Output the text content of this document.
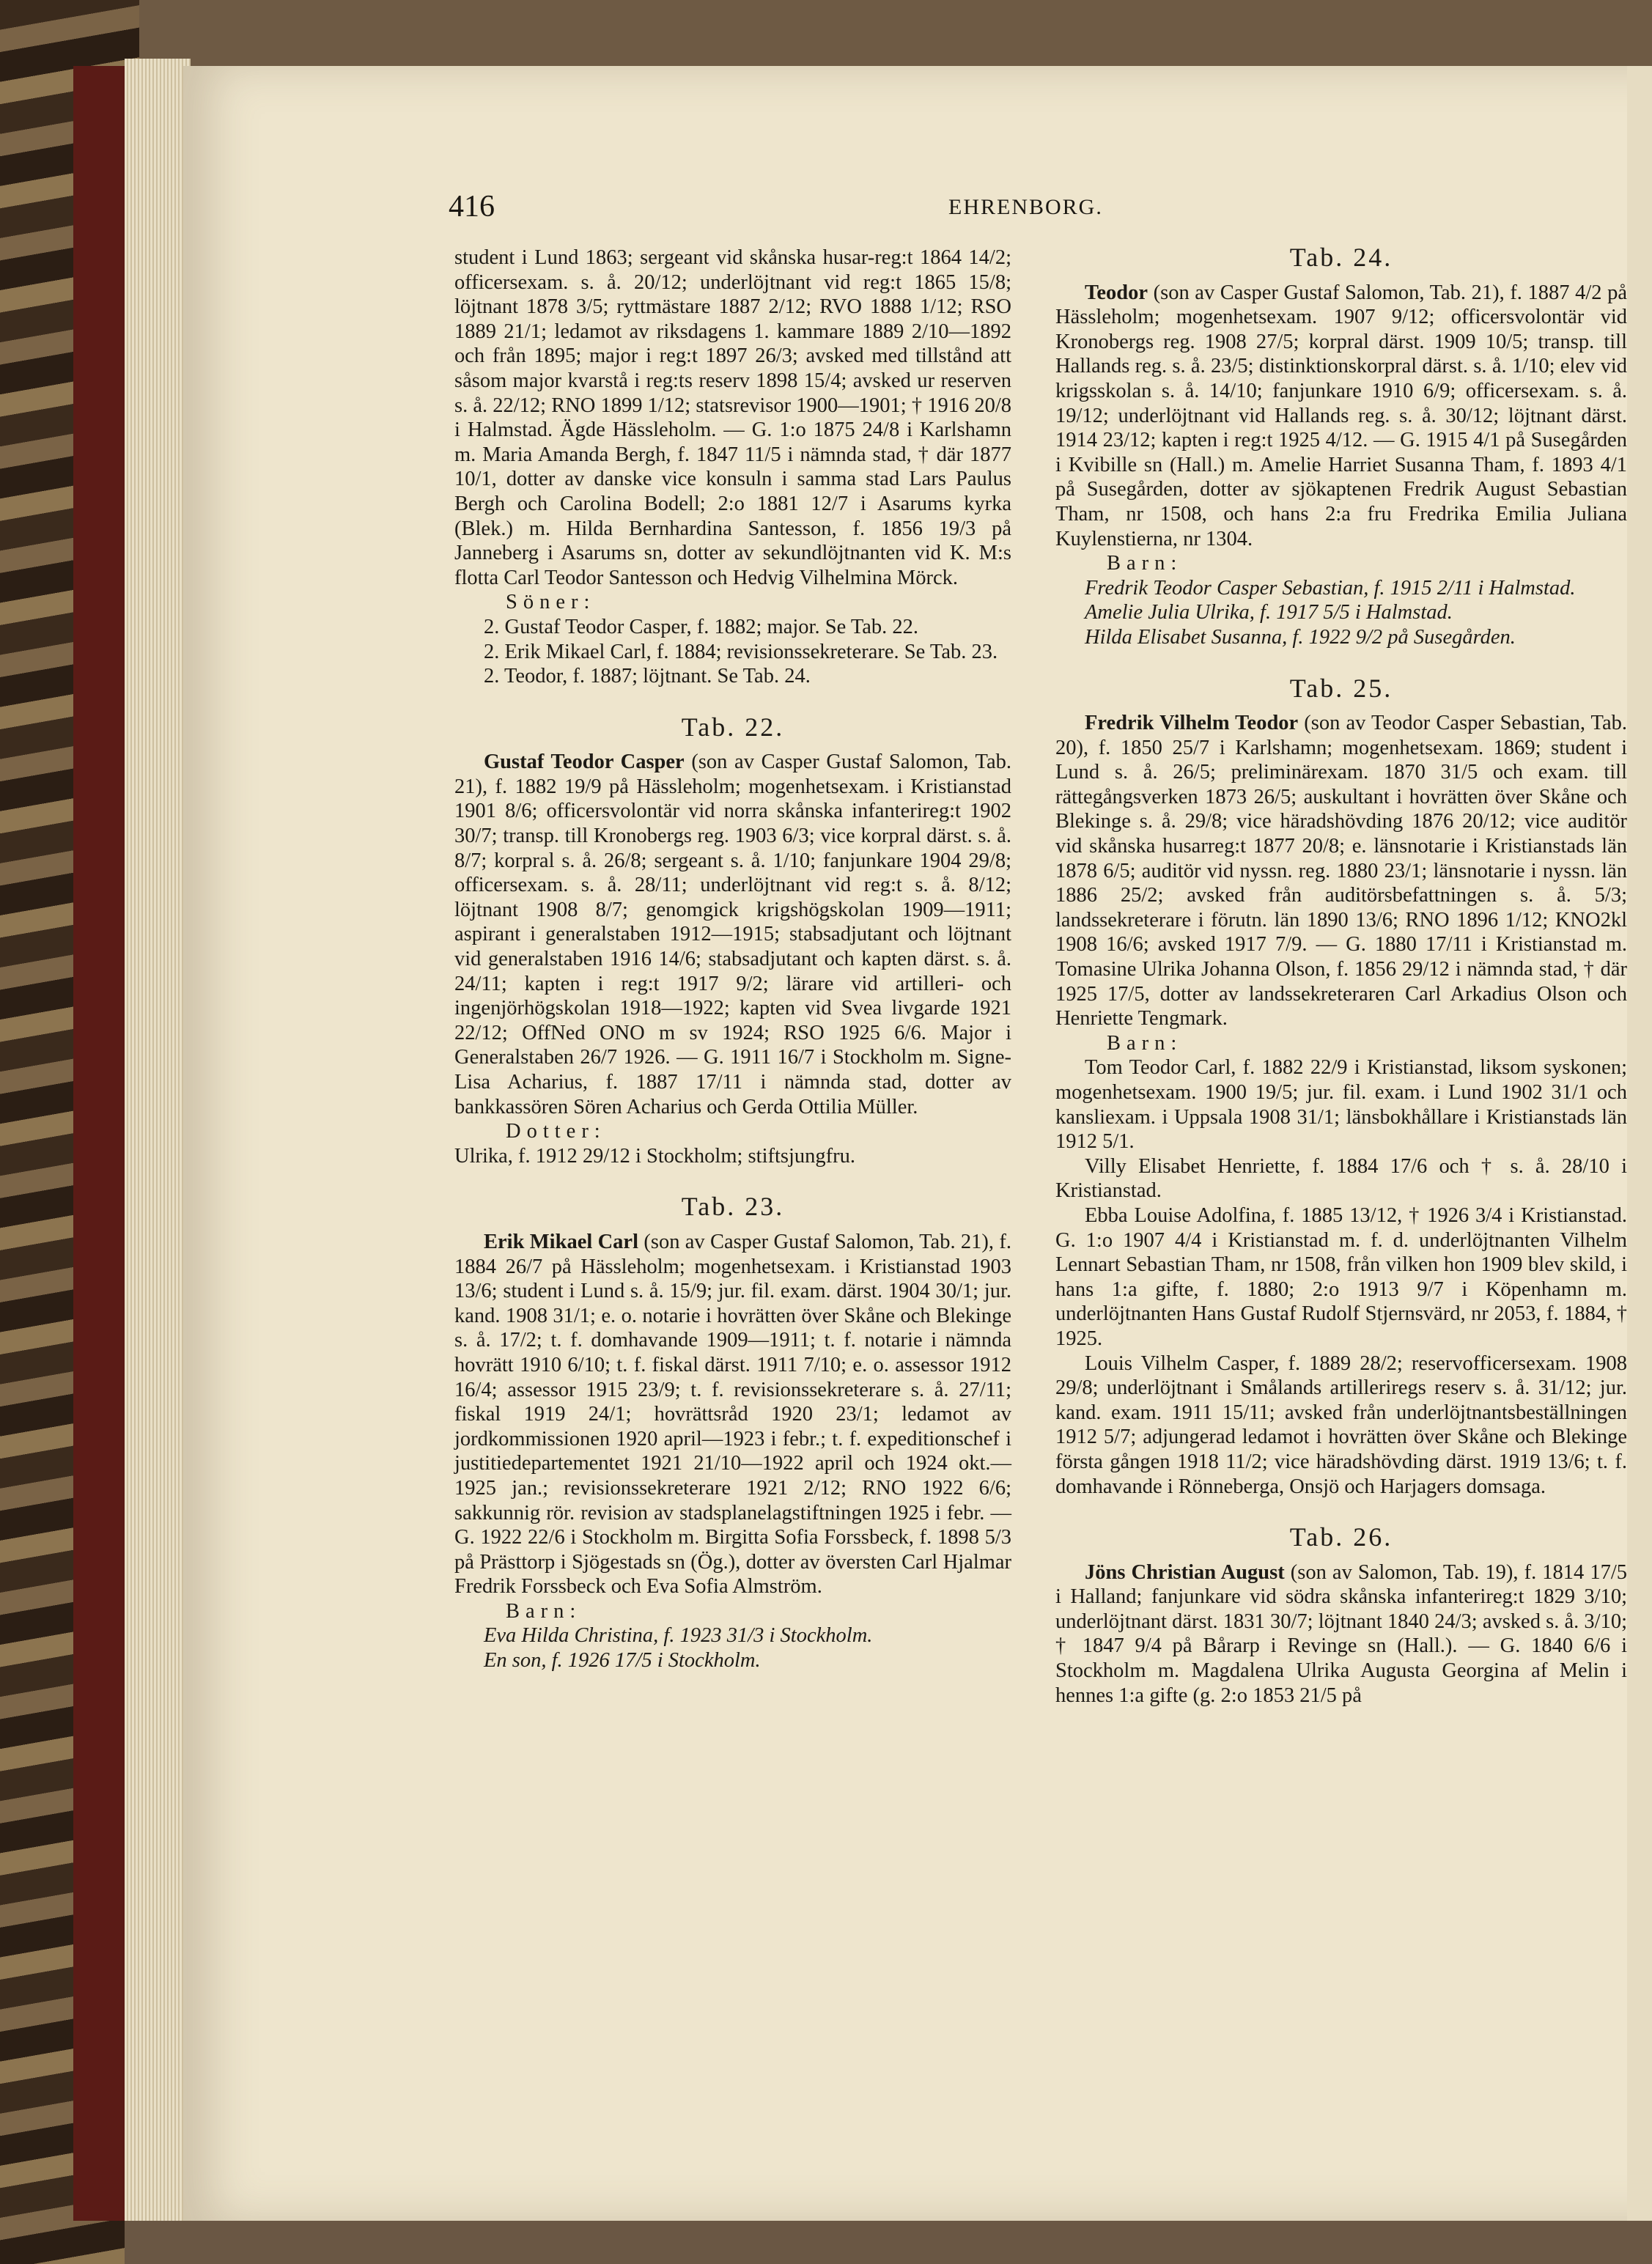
416	EHRENBORG.

student i Lund 1863; sergeant vid skånska husar-reg:t 1864 14/2; officersexam. s. å. 20/12; underlöjtnant vid reg:t 1865 15/8; löjtnant 1878 3/5; ryttmästare 1887 2/12; RVO 1888 1/12; RSO 1889 21/1; ledamot av riksdagens 1. kammare 1889 2/10—1892 och från 1895; major i reg:t 1897 26/3; avsked med tillstånd att såsom major kvarstå i reg:ts reserv 1898 15/4; avsked ur reserven s. å. 22/12; RNO 1899 1/12; statsrevisor 1900—1901; † 1916 20/8 i Halmstad. Ägde Hässleholm. — G. 1:o 1875 24/8 i Karlshamn m. Maria Amanda Bergh, f. 1847 11/5 i nämnda stad, † där 1877 10/1, dotter av danske vice konsuln i samma stad Lars Paulus Bergh och Carolina Bodell; 2:o 1881 12/7 i Asarums kyrka (Blek.) m. Hilda Bernhardina Santesson, f. 1856 19/3 på Janneberg i Asarums sn, dotter av sekundlöjtnanten vid K. M:s flotta Carl Teodor Santesson och Hedvig Vilhelmina Mörck.

Söner:

2. Gustaf Teodor Casper, f. 1882; major. Se Tab. 22.

2. Erik Mikael Carl, f. 1884; revisionssekreterare. Se Tab. 23.

2. Teodor, f. 1887; löjtnant. Se Tab. 24.

Tab. 22.

Gustaf Teodor Casper (son av Casper Gustaf Salomon, Tab. 21), f. 1882 19/9 på Hässleholm; mogenhetsexam. i Kristianstad 1901 8/6; officersvolontär vid norra skånska infanterireg:t 1902 30/7; transp. till Kronobergs reg. 1903 6/3; vice korpral därst. s. å. 8/7; korpral s. å. 26/8; sergeant s. å. 1/10; fanjunkare 1904 29/8; officersexam. s. å. 28/11; underlöjtnant vid reg:t s. å. 8/12; löjtnant 1908 8/7; genomgick krigshögskolan 1909—1911; aspirant i generalstaben 1912—1915; stabsadjutant och löjtnant vid generalstaben 1916 14/6; stabsadjutant och kapten därst. s. å. 24/11; kapten i reg:t 1917 9/2; lärare vid artilleri- och ingenjörhögskolan 1918—1922; kapten vid Svea livgarde 1921 22/12; OffNed ONO m sv 1924; RSO 1925 6/6. Major i Generalstaben 26/7 1926. — G. 1911 16/7 i Stockholm m. Signe-Lisa Acharius, f. 1887 17/11 i nämnda stad, dotter av bankkassören Sören Acharius och Gerda Ottilia Müller.

Dotter:

Ulrika, f. 1912 29/12 i Stockholm; stiftsjungfru.

Tab. 23.

Erik Mikael Carl (son av Casper Gustaf Salomon, Tab. 21), f. 1884 26/7 på Hässleholm; mogenhetsexam. i Kristianstad 1903 13/6; student i Lund s. å. 15/9; jur. fil. exam. därst. 1904 30/1; jur. kand. 1908 31/1; e. o. notarie i hovrätten över Skåne och Blekinge s. å. 17/2; t. f. domhavande 1909—1911; t. f. notarie i nämnda hovrätt 1910 6/10; t. f. fiskal därst. 1911 7/10; e. o. assessor 1912 16/4; assessor 1915 23/9; t. f. revisionssekreterare s. å. 27/11; fiskal 1919 24/1; hovrättsråd 1920 23/1; ledamot av jordkommissionen 1920 april—1923 i febr.; t. f. expeditionschef i justitiedepartementet 1921 21/10—1922 april och 1924 okt.—1925 jan.; revisionssekreterare 1921 2/12; RNO 1922 6/6; sakkunnig rör. revision av stadsplanelagstiftningen 1925 i febr. — G. 1922 22/6 i Stockholm m. Birgitta Sofia Forssbeck, f. 1898 5/3 på Prästtorp i Sjögestads sn (Ög.), dotter av översten Carl Hjalmar Fredrik Forssbeck och Eva Sofia Almström.

Barn:

Eva Hilda Christina, f. 1923 31/3 i Stockholm.

En son, f. 1926 17/5 i Stockholm.

Tab. 24.

Teodor (son av Casper Gustaf Salomon, Tab. 21), f. 1887 4/2 på Hässleholm; mogenhetsexam. 1907 9/12; officersvolontär vid Kronobergs reg. 1908 27/5; korpral därst. 1909 10/5; transp. till Hallands reg. s. å. 23/5; distinktionskorpral därst. s. å. 1/10; elev vid krigsskolan s. å. 14/10; fanjunkare 1910 6/9; officersexam. s. å. 19/12; underlöjtnant vid Hallands reg. s. å. 30/12; löjtnant därst. 1914 23/12; kapten i reg:t 1925 4/12. — G. 1915 4/1 på Susegården i Kvibille sn (Hall.) m. Amelie Harriet Susanna Tham, f. 1893 4/1 på Susegården, dotter av sjökaptenen Fredrik August Sebastian Tham, nr 1508, och hans 2:a fru Fredrika Emilia Juliana Kuylenstierna, nr 1304.

Barn:

Fredrik Teodor Casper Sebastian, f. 1915 2/11 i Halmstad.

Amelie Julia Ulrika, f. 1917 5/5 i Halmstad.

Hilda Elisabet Susanna, f. 1922 9/2 på Susegården.

Tab. 25.

Fredrik Vilhelm Teodor (son av Teodor Casper Sebastian, Tab. 20), f. 1850 25/7 i Karlshamn; mogenhetsexam. 1869; student i Lund s. å. 26/5; preliminärexam. 1870 31/5 och exam. till rättegångsverken 1873 26/5; auskultant i hovrätten över Skåne och Blekinge s. å. 29/8; vice häradshövding 1876 20/12; vice auditör vid skånska husarreg:t 1877 20/8; e. länsnotarie i Kristianstads län 1878 6/5; auditör vid nyssn. reg. 1880 23/1; länsnotarie i nyssn. län 1886 25/2; avsked från auditörsbefattningen s. å. 5/3; landssekreterare i förutn. län 1890 13/6; RNO 1896 1/12; KNO2kl 1908 16/6; avsked 1917 7/9. — G. 1880 17/11 i Kristianstad m. Tomasine Ulrika Johanna Olson, f. 1856 29/12 i nämnda stad, † där 1925 17/5, dotter av landssekreteraren Carl Arkadius Olson och Henriette Tengmark.

Barn:

Tom Teodor Carl, f. 1882 22/9 i Kristianstad, liksom syskonen; mogenhetsexam. 1900 19/5; jur. fil. exam. i Lund 1902 31/1 och kansliexam. i Uppsala 1908 31/1; länsbokhållare i Kristianstads län 1912 5/1.

Villy Elisabet Henriette, f. 1884 17/6 och † s. å. 28/10 i Kristianstad.

Ebba Louise Adolfina, f. 1885 13/12, † 1926 3/4 i Kristianstad. G. 1:o 1907 4/4 i Kristianstad m. f. d. underlöjtnanten Vilhelm Lennart Sebastian Tham, nr 1508, från vilken hon 1909 blev skild, i hans 1:a gifte, f. 1880; 2:o 1913 9/7 i Köpenhamn m. underlöjtnanten Hans Gustaf Rudolf Stjernsvärd, nr 2053, f. 1884, † 1925.

Louis Vilhelm Casper, f. 1889 28/2; reservofficersexam. 1908 29/8; underlöjtnant i Smålands artilleriregs reserv s. å. 31/12; jur. kand. exam. 1911 15/11; avsked från underlöjtnantsbeställningen 1912 5/7; adjungerad ledamot i hovrätten över Skåne och Blekinge första gången 1918 11/2; vice häradshövding därst. 1919 13/6; t. f. domhavande i Rönneberga, Onsjö och Harjagers domsaga.

Tab. 26.

Jöns Christian August (son av Salomon, Tab. 19), f. 1814 17/5 i Halland; fanjunkare vid södra skånska infanterireg:t 1829 3/10; underlöjtnant därst. 1831 30/7; löjtnant 1840 24/3; avsked s. å. 3/10; † 1847 9/4 på Bårarp i Revinge sn (Hall.). — G. 1840 6/6 i Stockholm m. Magdalena Ulrika Augusta Georgina af Melin i hennes 1:a gifte (g. 2:o 1853 21/5 på
